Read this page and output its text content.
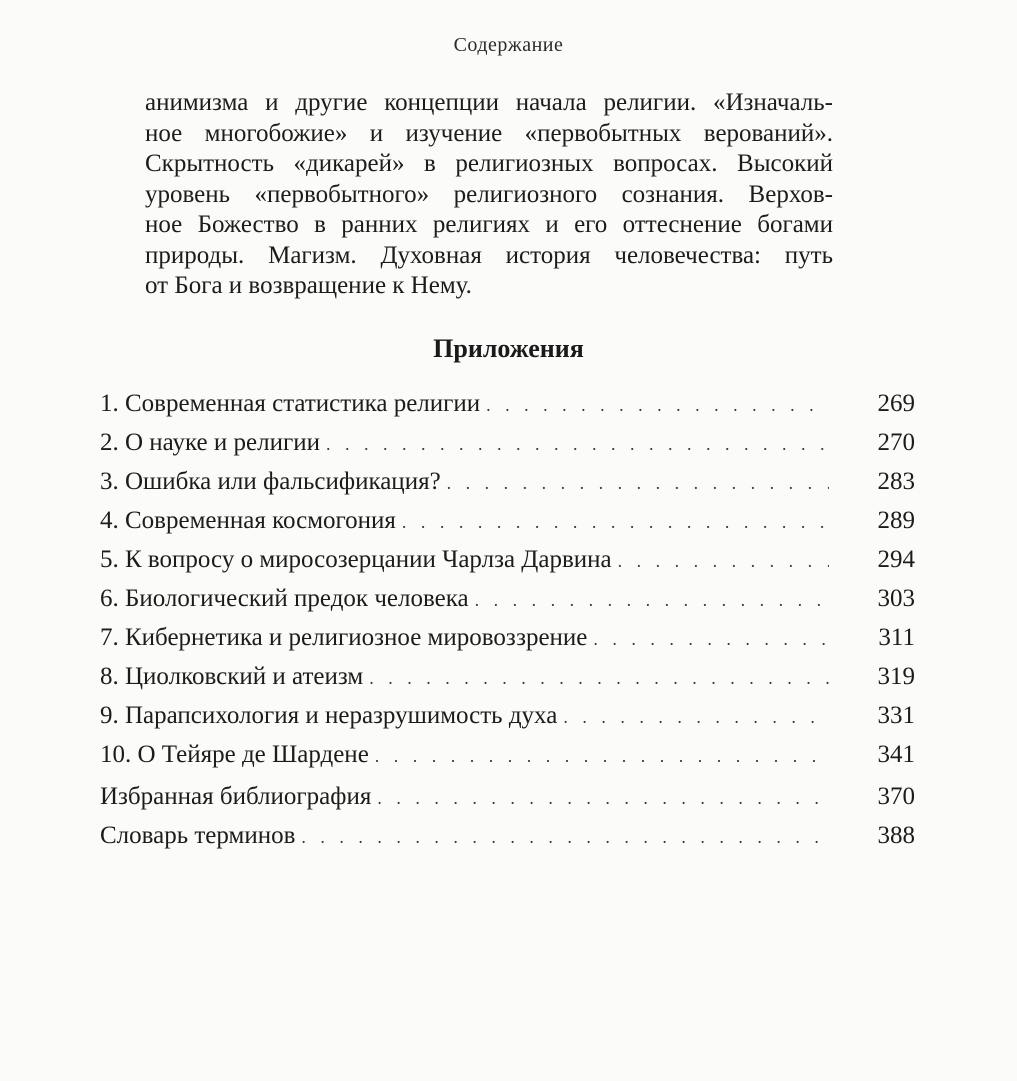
Содержание
анимизма и другие концепции начала религии. «Изначаль-
ное многобожие» и изучение «первобытных верований».
Скрытность «дикарей» в религиозных вопросах. Высокий
уровень «первобытного» религиозного сознания. Верхов-
ное Божество в ранних религиях и его оттеснение богами
природы. Магизм. Духовная история человечества: путь
от Бога и возвращение к Нему.
Приложения
1. Современная статистика религии . . .	269
2. О науке и религии . . .	270
3. Ошибка или фальсификация? . . .	283
4. Современная космогония . . .	289
5. К вопросу о миросозерцании Чарлза Дарвина . . .	294
6. Биологический предок человека . . .	303
7. Кибернетика и религиозное мировоззрение . . .	311
8. Циолковский и атеизм . . .	319
9. Парапсихология и неразрушимость духа . . .	331
10. О Тейяре де Шардене . . .	341
Избранная библиография . . .	370
Словарь терминов . . .	388
